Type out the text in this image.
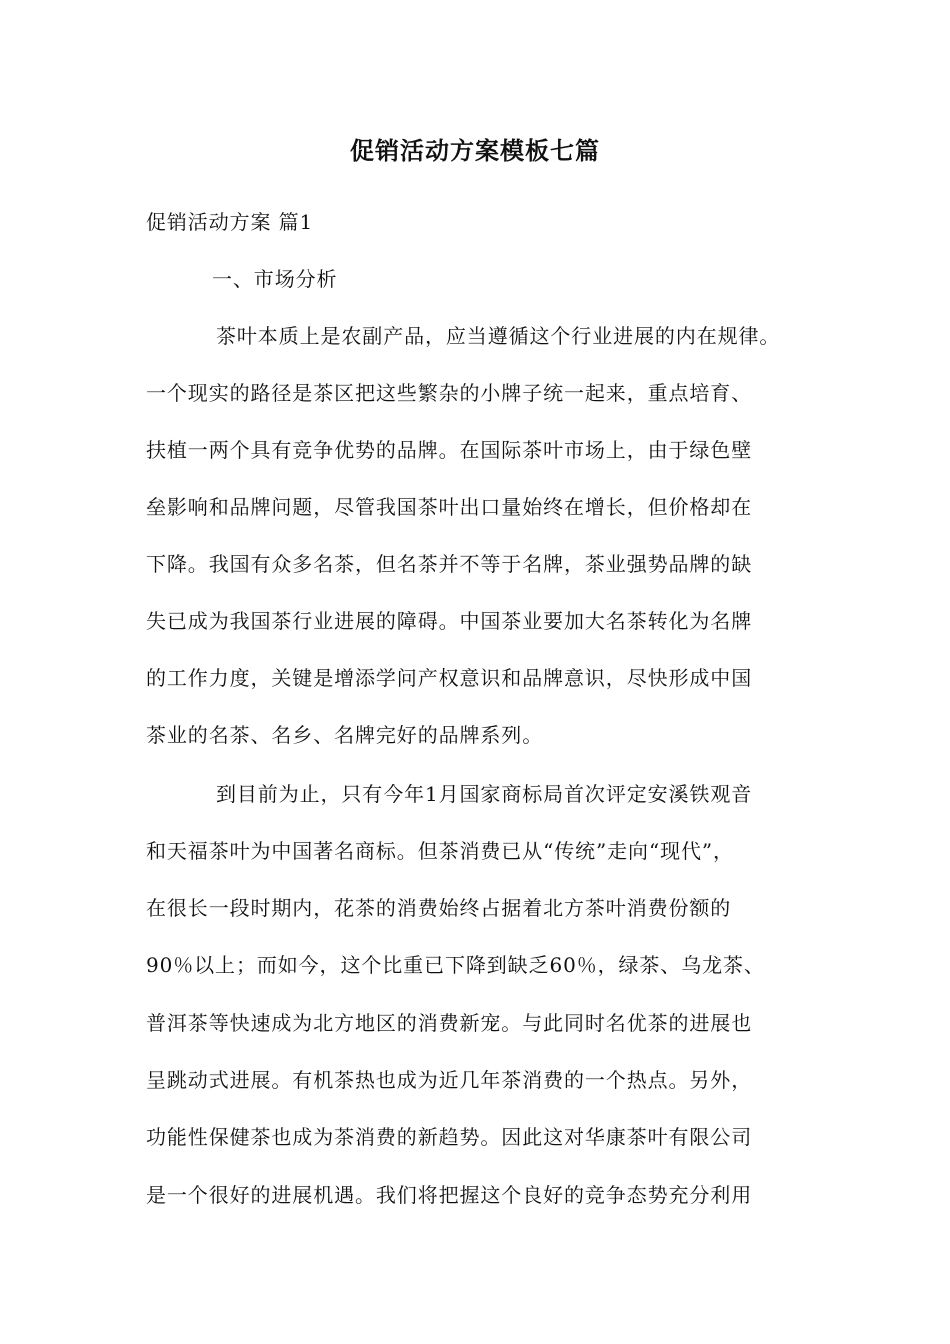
促销活动方案模板七篇
促销活动方案 篇1
一、市场分析
茶叶本质上是农副产品，应当遵循这个行业进展的内在规律。
一个现实的路径是茶区把这些繁杂的小牌子统一起来，重点培育、
扶植一两个具有竞争优势的品牌。在国际茶叶市场上，由于绿色壁
垒影响和品牌问题，尽管我国茶叶出口量始终在增长，但价格却在
下降。我国有众多名茶，但名茶并不等于名牌，茶业强势品牌的缺
失已成为我国茶行业进展的障碍。中国茶业要加大名茶转化为名牌
的工作力度，关键是增添学问产权意识和品牌意识，尽快形成中国
茶业的名茶、名乡、名牌完好的品牌系列。
到目前为止，只有今年1月国家商标局首次评定安溪铁观音
和天福茶叶为中国著名商标。但茶消费已从“传统”走向“现代”，
在很长一段时期内，花茶的消费始终占据着北方茶叶消费份额的
90％以上；而如今，这个比重已下降到缺乏60％，绿茶、乌龙茶、
普洱茶等快速成为北方地区的消费新宠。与此同时名优茶的进展也
呈跳动式进展。有机茶热也成为近几年茶消费的一个热点。另外，
功能性保健茶也成为茶消费的新趋势。因此这对华康茶叶有限公司
是一个很好的进展机遇。我们将把握这个良好的竞争态势充分利用
